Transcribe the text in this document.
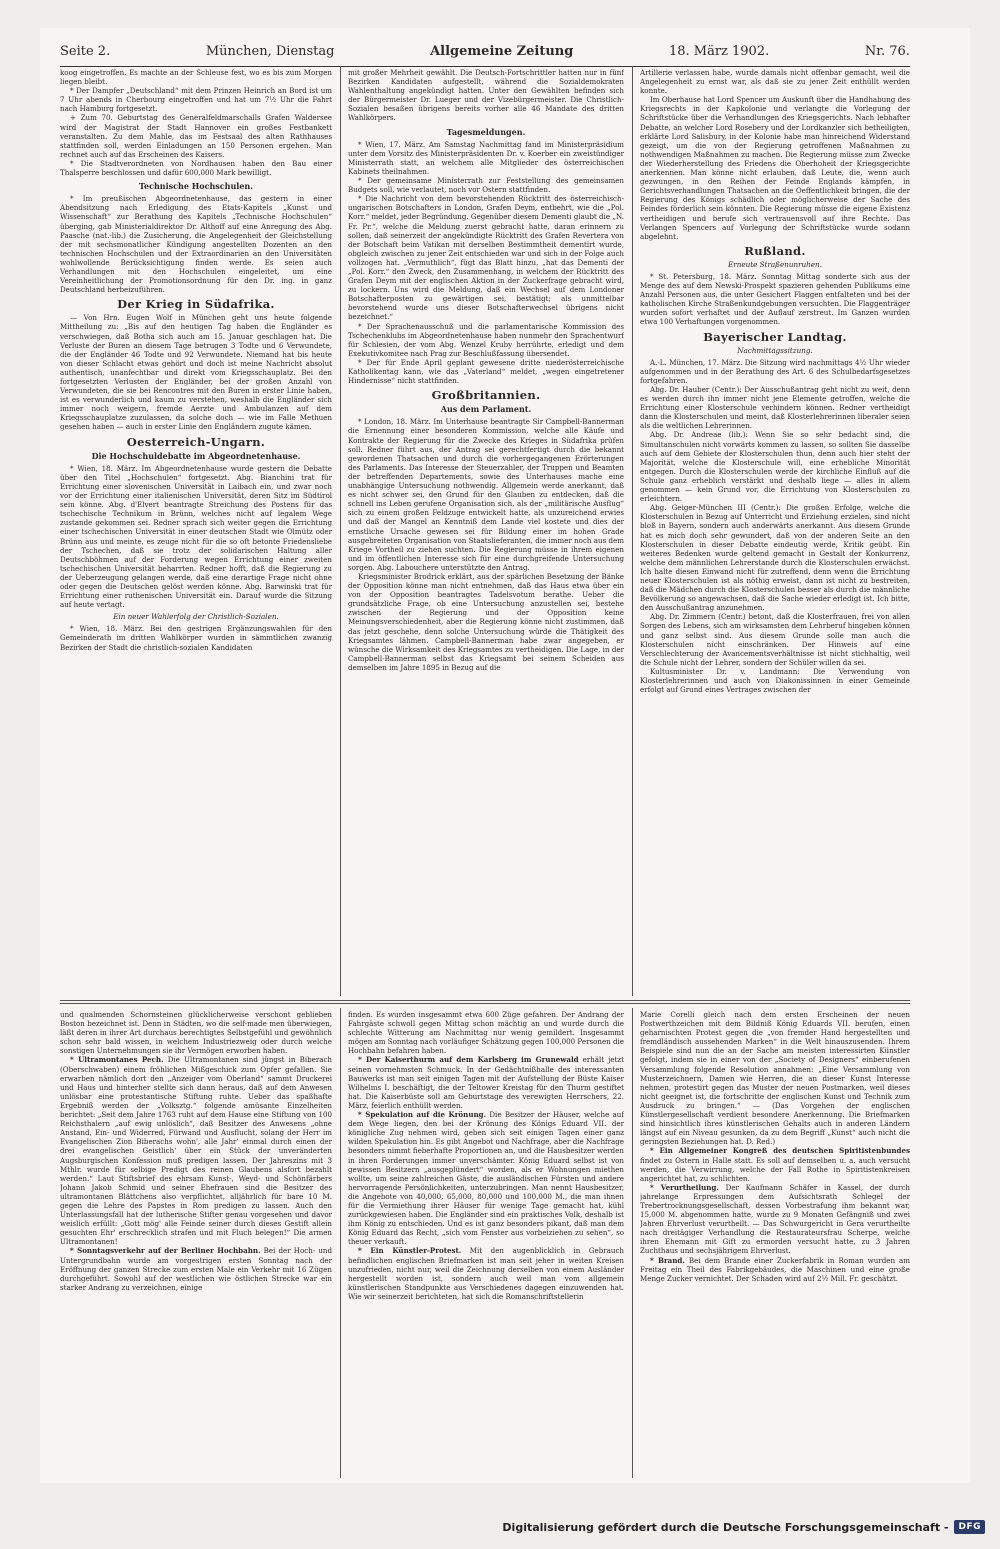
Seite 2.	München, Dienstag	Allgemeine Zeitung	18. März 1902.	Nr. 76.

koog eingetroffen. Es machte an der Schleuse fest, wo es bis zum Morgen liegen bleibt.

* Der Dampfer „Deutschland“ mit dem Prinzen Heinrich an Bord ist um 7 Uhr abends in Cherbourg eingetroffen und hat um 7½ Uhr die Fahrt nach Hamburg fortgesetzt.

+ Zum 70. Geburtstag des Generalfeldmarschalls Grafen Waldersee wird der Magistrat der Stadt Hannover ein großes Festbankett veranstalten. Zu dem Mahle, das im Festsaal des alten Rathhauses stattfinden soll, werden Einladungen an 150 Personen ergehen. Man rechnet auch auf das Erscheinen des Kaisers.

* Die Stadtverordneten von Nordhausen haben den Bau einer Thalsperre beschlossen und dafür 600,000 Mark bewilligt.

Technische Hochschulen.

* Im preußischen Abgeordnetenhause, das gestern in einer Abendsitzung nach Erledigung des Etats-Kapitels „Kunst und Wissenschaft“ zur Berathung des Kapitels „Technische Hochschulen“ überging, gab Ministerialdirektor Dr. Althoff auf eine Anregung des Abg. Paasche (nat.-lib.) die Zusicherung, die Angelegenheit der Gleichstellung der mit sechsmonatlicher Kündigung angestellten Dozenten an den technischen Hochschulen und der Extraordinarien an den Universitäten wohlwollende Berücksichtigung finden werde. Es seien auch Verhandlungen mit den Hochschulen eingeleitet, um eine Vereinheitlichung der Promotionsordnung für den Dr. ing. in ganz Deutschland herbeizuführen.

Der Krieg in Südafrika.

— Von Hrn. Eugen Wolf in München geht uns heute folgende Mittheilung zu: „Bis auf den heutigen Tag haben die Engländer es verschwiegen, daß Botha sich auch am 15. Januar geschlagen hat. Die Verluste der Buren an diesem Tage betrugen 3 Todte und 6 Verwundete, die der Engländer 46 Todte und 92 Verwundete. Niemand hat bis heute von dieser Schlacht etwas gehört und doch ist meine Nachricht absolut authentisch, unanfechtbar und direkt vom Kriegsschauplatz. Bei den fortgesetzten Verlusten der Engländer, bei der großen Anzahl von Verwundeten, die sie bei Rencontres mit den Buren in erster Linie haben, ist es verwunderlich und kaum zu verstehen, weshalb die Engländer sich immer noch weigern, fremde Aerzte und Ambulanzen auf dem Kriegsschauplatze zuzulassen, da solche doch — wie im Falle Methuen gesehen haben — auch in erster Linie den Engländern zugute kämen.

Oesterreich-Ungarn.
Die Hochschuldebatte im Abgeordnetenhause.

* Wien, 18. März. Im Abgeordnetenhause wurde gestern die Debatte über den Titel „Hochschulen“ fortgesetzt. Abg. Bianchini trat für Errichtung einer slovenischen Universität in Laibach ein, und zwar noch vor der Errichtung einer italienischen Universität, deren Sitz im Südtirol sein könne. Abg. d'Elvert beantragte Streichung des Postens für das tschechische Technikum in Brünn, welches nicht auf legalem Wege zustande gekommen sei. Redner sprach sich weiter gegen die Errichtung einer tschechischen Universität in einer deutschen Stadt wie Olmütz oder Brünn aus und meinte, es zeuge nicht für die so oft betonte Friedensliebe der Tschechen, daß sie trotz der solidarischen Haltung aller Deutschböhmen auf der Forderung wegen Errichtung einer zweiten tschechischen Universität beharrten. Redner hofft, daß die Regierung zu der Ueberzeugung gelangen werde, daß eine derartige Frage nicht ohne oder gegen die Deutschen gelöst werden könne. Abg. Barwinski trat für Errichtung einer ruthenischen Universität ein. Darauf wurde die Sitzung auf heute vertagt.

Ein neuer Wahlerfolg der Christlich-Sozialen.

* Wien, 18. März. Bei den gestrigen Ergänzungswahlen für den Gemeinderath im dritten Wahlkörper wurden in sämmtlichen zwanzig Bezirken der Stadt die christlich-sozialen Kandidaten

mit großer Mehrheit gewählt. Die Deutsch-Fortschrittler hatten nur in fünf Bezirken Kandidaten aufgestellt, während die Sozialdemokraten Wahlenthaltung angekündigt hatten. Unter den Gewählten befinden sich der Bürgermeister Dr. Lueger und der Vizebürgermeister. Die Christlich-Sozialen besaßen übrigens bereits vorher alle 46 Mandate des dritten Wahlkörpers.

Tagesmeldungen.

* Wien, 17. März. Am Samstag Nachmittag fand im Ministerpräsidium unter dem Vorsitz des Ministerpräsidenten Dr. v. Koerber ein zweistündiger Ministerrath statt, an welchem alle Mitglieder des österreichischen Kabinets theilnahmen.

* Der gemeinsame Ministerrath zur Feststellung des gemeinsamen Budgets soll, wie verlautet, noch vor Ostern stattfinden.

* Die Nachricht von dem bevorstehenden Rücktritt des österreichisch-ungarischen Botschafters in London, Grafen Deym, entbehrt, wie die „Pol. Korr.“ meldet, jeder Begründung. Gegenüber diesem Dementi glaubt die „N. Fr. Pr.“, welche die Meldung zuerst gebracht hatte, daran erinnern zu sollen, daß seinerzeit der angekündigte Rücktritt des Grafen Revertera von der Botschaft beim Vatikan mit derselben Bestimmtheit dementirt wurde, obgleich zwischen zu jener Zeit entschieden war und sich in der Folge auch vollzogen hat. „Vermuthlich“, fügt das Blatt hinzu, „hat das Dementi der „Pol. Korr.“ den Zweck, den Zusammenhang, in welchem der Rücktritt des Grafen Deym mit der englischen Aktion in der Zuckerfrage gebracht wird, zu lockern. Uns wird die Meldung, daß ein Wechsel auf dem Londoner Botschafterposten zu gewärtigen sei, bestätigt; als unmittelbar bevorstehend wurde uns dieser Botschafterwechsel übrigens nicht bezeichnet.“

* Der Sprachenausschuß und die parlamentarische Kommission des Tschechenklubs im Abgeordnetenhause haben nunmehr den Sprachentwurf für Schlesien, der vom Abg. Wenzel Kruby herrührte, erledigt und dem Exekutivkomitee nach Prag zur Beschlußfassung übersendet.

* Der für Ende April geplant gewesene dritte niederösterreichische Katholikentag kann, wie das „Vaterland“ meldet, „wegen eingetretener Hindernisse“ nicht stattfinden.

Großbritannien.
Aus dem Parlament.

* London, 18. März. Im Unterhause beantragte Sir Campbell-Bannerman die Ernennung einer besonderen Kommission, welche alle Käufe und Kontrakte der Regierung für die Zwecke des Krieges in Südafrika prüfen soll. Redner führt aus, der Antrag sei gerechtfertigt durch die bekannt gewordenen Thatsachen und durch die vorhergegangenen Erörterungen des Parlaments. Das Interesse der Steuerzahler, der Truppen und Beamten der betreffenden Departements, sowie des Unterhauses mache eine unabhängige Untersuchung nothwendig. Allgemein werde anerkannt, daß es nicht schwer sei, den Grund für den Glauben zu entdecken, daß die schnell ins Leben gerufene Organisation sich, als der „militärische Ausflug“ sich zu einem großen Feldzuge entwickelt hatte, als unzureichend erwies und daß der Mangel an Kenntniß dem Lande viel kostete und dies der ernstliche Ursache gewesen sei für Bildung einer im hohen Grade ausgebreiteten Organisation von Staatslieferanten, die immer noch aus dem Kriege Vortheil zu ziehen suchten. Die Regierung müsse in ihrem eigenen und im öffentlichen Interesse sich für eine durchgreifende Untersuchung sorgen. Abg. Labouchere unterstützte den Antrag.

Kriegsminister Brodrick erklärt, aus der spärlichen Besetzung der Bänke der Opposition könne man nicht entnehmen, daß das Haus etwa über ein von der Opposition beantragtes Tadelsvotum berathe. Ueber die grundsätzliche Frage, ob eine Untersuchung anzustellen sei, bestehe zwischen der Regierung und der Opposition keine Meinungsverschiedenheit, aber die Regierung könne nicht zustimmen, daß das jetzt geschehe, denn solche Untersuchung würde die Thätigkeit des Kriegsamtes lähmen. Campbell-Bannerman habe zwar angegeben, er wünsche die Wirksamkeit des Kriegsamtes zu vertheidigen. Die Lage, in der Campbell-Bannerman selbst das Kriegsamt bei seinem Scheiden aus demselben im Jahre 1895 in Bezug auf die

Artillerie verlassen habe, wurde damals nicht offenbar gemacht, weil die Angelegenheit zu ernst war, als daß sie zu jener Zeit enthüllt werden konnte.

Im Oberhause hat Lord Spencer um Auskunft über die Handhabung des Kriegsrechts in der Kapkolonie und verlangte die Vorlegung der Schriftstücke über die Verhandlungen des Kriegsgerichts. Nach lebhafter Debatte, an welcher Lord Rosebery und der Lordkanzler sich betheiligten, erklärte Lord Salisbury, in der Kolonie habe man hinreichend Widerstand gezeigt, um die von der Regierung getroffenen Maßnahmen zu nothwendigen Maßnahmen zu machen. Die Regierung müsse zum Zwecke der Wiederherstellung des Friedens die Oberhoheit der Kriegsgerichte anerkennen. Man könne nicht erlauben, daß Leute, die, wenn auch gezwungen, in den Reihen der Feinde Englands kämpfen, in Gerichtsverhandlungen Thatsachen an die Oeffentlichkeit bringen, die der Regierung des Königs schädlich oder möglicherweise der Sache des Feindes förderlich sein könnten. Die Regierung müsse die eigene Existenz vertheidigen und berufe sich vertrauensvoll auf ihre Rechte. Das Verlangen Spencers auf Vorlegung der Schriftstücke wurde sodann abgelehnt.

Rußland.
Erneute Straßenunruhen.

* St. Petersburg, 18. März. Sonntag Mittag sonderte sich aus der Menge des auf dem Newski-Prospekt spazieren gehenden Publikums eine Anzahl Personen aus, die unter Gesichert Flaggen entfalteten und bei der katholischen Kirche Straßenkundgebungen versuchten. Die Flaggenträger wurden sofort verhaftet und der Auflauf zerstreut. Im Ganzen wurden etwa 100 Verhaftungen vorgenommen.

Bayerischer Landtag.
Nachmittagssitzung.

A.-L. München, 17. März. Die Sitzung wird nachmittags 4½ Uhr wieder aufgenommen und in der Berathung des Art. 6 des Schulbedarfsgesetzes fortgefahren.

Abg. Dr. Hauber (Centr.): Der Ausschußantrag geht nicht zu weit, denn es werden durch ihn immer nicht jene Elemente getroffen, welche die Errichtung einer Klosterschule verhindern können. Redner vertheidigt dann die Klosterschulen und meint, daß Klosterlehrerinnen liberaler seien als die weltlichen Lehrerinnen.

Abg. Dr. Andreae (lib.): Wenn Sie so sehr bedacht sind, die Simultanschulen nicht vorwärts kommen zu lassen, so sollten Sie dasselbe auch auf dem Gebiete der Klosterschulen thun, denn auch hier steht der Majorität, welche die Klosterschule will, eine erhebliche Minorität entgegen. Durch die Klosterschulen werde der kirchliche Einfluß auf die Schule ganz erheblich verstärkt und deshalb liege — alles in allem genommen — kein Grund vor, die Errichtung von Klosterschulen zu erleichtern.

Abg. Geiger-München III (Centr.): Die großen Erfolge, welche die Klosterschulen in Bezug auf Unterricht und Erziehung erzielen, sind nicht bloß in Bayern, sondern auch anderwärts anerkannt. Aus diesem Grunde hat es mich doch sehr gewundert, daß von der anderen Seite an den Klosterschulen in dieser Debatte eindeutig werde, Kritik geübt. Ein weiteres Bedenken wurde geltend gemacht in Gestalt der Konkurrenz, welche dem männlichen Lehrerstande durch die Klosterschulen erwächst. Ich halte diesen Einwand nicht für zutreffend, denn wenn die Errichtung neuer Klosterschulen ist als nöthig erweist, dann ist nicht zu bestreiten, daß die Mädchen durch die Klosterschulen besser als durch die männliche Bevölkerung so angewachsen, daß die Sache wieder erledigt ist. Ich bitte, den Ausschußantrag anzunehmen.

Abg. Dr. Zimmern (Centr.) betont, daß die Klosterfrauen, frei von allen Sorgen des Lebens, sich am wirksamsten dem Lehrberuf hingeben können und ganz selbst sind. Aus diesem Grunde solle man auch die Klosterschulen nicht einschränken. Der Hinweis auf eine Verschlechterung der Avancementsverhältnisse ist nicht stichhaltig, weil die Schule nicht der Lehrer, sondern der Schüler willen da sei.

Kultusminister Dr. v. Landmann: Die Verwendung von Klosterlehrerinnen und auch von Diakonissinnen in einer Gemeinde erfolgt auf Grund eines Vertrages zwischen der

und qualmenden Schornsteinen glücklicherweise verschont geblieben Boston bezeichnet ist. Denn in Städten, wo die self-made men überwiegen, läßt deren in ihrer Art durchaus berechtigtes Selbstgefühl und gewöhnlich schon sehr bald wissen, in welchem Industriezweig oder durch welche sonstigen Unternehmungen sie ihr Vermögen erworben haben.

* Ultramontanes Pech. Die Ultramontanen sind jüngst in Biberach (Oberschwaben) einem fröhlichen Mißgeschick zum Opfer gefallen. Sie erwarben nämlich dort den „Anzeiger vom Oberland“ sammt Druckerei und Haus und hinterher stellte sich dann heraus, daß auf dem Anwesen unlösbar eine protestantische Stiftung ruhte. Ueber das spaßhafte Ergebniß werden der „Volksztg.“ folgende amüsante Einzelheiten berichtet: „Seit dem Jahre 1763 ruht auf dem Hause eine Stiftung von 100 Reichsthalern „auf ewig unlöslich“, daß Besitzer des Anwesens „ohne Anstand, Ein- und Widerred, Fürwand und Ausflucht, solang der Herr im Evangelischen Zion Biberachs wohn', alle Jahr' einmal durch einen der drei evangelischen Geistlich' über ein Stück der unveränderten Augsburgischen Konfession muß predigen lassen. Der Jahreszins mit 3 Mthlr. wurde für selbige Predigt des reinen Glaubens alsfort bezahlt werden.“ Laut Stiftsbrief des ehrsam Kunst-, Weyd- und Schönfärbers Johann Jakob Schmid und seiner Ehefrauen sind die Besitzer des ultramontanen Blättchens also verpflichtet, alljährlich für bare 10 M. gegen die Lehre des Papstes in Rom predigen zu lassen. Auch den Unterlassungsfall hat der lutherische Stifter genau vorgesehen und davor weislich erfüllt: „Gott mög' alle Feinde seiner durch dieses Gestift allein gesuchten Ehr' erschrecklich strafen und mit Fluch belegen!“ Die armen Ultramontanen!

* Sonntagsverkehr auf der Berliner Hochbahn. Bei der Hoch- und Untergrundbahn wurde am vorgestrigen ersten Sonntag nach der Eröffnung der ganzen Strecke zum ersten Male ein Verkehr mit 16 Zügen durchgeführt. Sowohl auf der westlichen wie östlichen Strecke war ein starker Andrang zu verzeichnen, einige

finden. Es wurden insgesammt etwa 600 Züge gefahren. Der Andrang der Fahrgäste schwoll gegen Mittag schon mächtig an und wurde durch die schlechte Witterung am Nachmittag nur wenig gemildert. Insgesammt mögen am Sonntag nach vorläufiger Schätzung gegen 100,000 Personen die Hochbahn befahren haben.

* Der Kaiserthurm auf dem Karlsberg im Grunewald erhält jetzt seinen vornehmsten Schmuck. In der Gedächtnißhalle des interessanten Bauwerks ist man seit einigen Tagen mit der Aufstellung der Büste Kaiser Wilhelms I. beschäftigt, die der Teltower Kreistag für den Thurm gestiftet hat. Die Kaiserbüste soll am Geburtstage des verewigten Herrschers, 22. März, feierlich enthüllt werden.

* Spekulation auf die Krönung. Die Besitzer der Häuser, welche auf dem Wege liegen, den bei der Krönung des Königs Eduard VII. der königliche Zug nehmen wird, geben sich seit einigen Tagen einer ganz wilden Spekulation hin. Es gibt Angebot und Nachfrage, aber die Nachfrage besonders nimmt fieberhafte Proportionen an, und die Hausbesitzer werden in ihren Forderungen immer unverschämter. König Eduard selbst ist von gewissen Besitzern „ausgeplündert“ worden, als er Wohnungen miethen wollte, um seine zahlreichen Gäste, die ausländischen Fürsten und andere hervorragende Persönlichkeiten, unterzubringen. Man nennt Hausbesitzer, die Angebote von 40,000, 65,000, 80,000 und 100,000 M., die man ihnen für die Vermiethung ihrer Häuser für wenige Tage gemacht hat, kühl zurückgewiesen haben. Die Engländer sind ein praktisches Volk, deshalb ist ihm König zu entschieden. Und es ist ganz besonders pikant, daß man dem König Eduard das Recht, „sich vom Fenster aus vorbeiziehen zu sehen“, so theuer verkauft.

* Ein Künstler-Protest. Mit den augenblicklich in Gebrauch befindlichen englischen Briefmarken ist man seit jeher in weiten Kreisen unzufrieden, nicht nur, weil die Zeichnung derselben von einem Ausländer hergestellt worden ist, sondern auch weil man vom allgemein künstlerischen Standpunkte aus Verschiedenes dagegen einzuwenden hat. Wie wir seinerzeit berichteten, hat sich die Romanschriftstellerin

Marie Corelli gleich nach dem ersten Erscheinen der neuen Postwerthzeichen mit dem Bildniß König Eduards VII. berufen, einen geharnischten Protest gegen die „von fremder Hand hergestellten und fremdländisch aussehenden Marken“ in die Welt hinauszusenden. Ihrem Beispiele sind nun die an der Sache am meisten interessirten Künstler gefolgt, indem sie in einer von der „Society of Designers“ einberufenen Versammlung folgende Resolution annahmen: „Eine Versammlung von Musterzeichnern, Damen wie Herren, die an dieser Kunst Interesse nehmen, protestirt gegen das Muster der neuen Postmarken, weil dieses nicht geeignet ist, die fortschritte der englischen Kunst und Technik zum Ausdruck zu bringen.“ — (Das Vorgehen der englischen Künstlergesellschaft verdient besondere Anerkennung. Die Briefmarken sind hinsichtlich ihres künstlerischen Gehalts auch in anderen Ländern längst auf ein Niveau gesunken, da zu dem Begriff „Kunst“ auch nicht die geringsten Beziehungen hat. D. Red.)

* Ein Allgemeiner Kongreß des deutschen Spiritistenbundes findet zu Ostern in Halle statt. Es soll auf demselben u. a. auch versucht werden, die Verwirrung, welche der Fall Rothe in Spiritistenkreisen angerichtet hat, zu schlichten.

* Verurtheilung. Der Kaufmann Schäfer in Kassel, der durch jahrelange Erpressungen dem Aufsichtsrath Schlegel der Trebertrocknungsgesellschaft, dessen Vorbestrafung ihm bekannt war, 15,000 M. abgenommen hatte, wurde zu 9 Monaten Gefängniß und zwei Jahren Ehrverlust verurtheilt. — Das Schwurgericht in Gera verurtheilte nach dreitägiger Verhandlung die Restaurateursfrau Scherpe, welche ihren Ehemann mit Gift zu ermorden versucht hatte, zu 3 Jahren Zuchthaus und sechsjährigem Ehrverlust.

* Brand. Bei dem Brande einer Zuckerfabrik in Roman wurden am Freitag ein Theil des Fabrikgebäudes, die Maschinen und eine große Menge Zucker vernichtet. Der Schaden wird auf 2½ Mill. Fr. geschätzt.

Digitalisierung gefördert durch die Deutsche Forschungsgemeinschaft -	DFG
